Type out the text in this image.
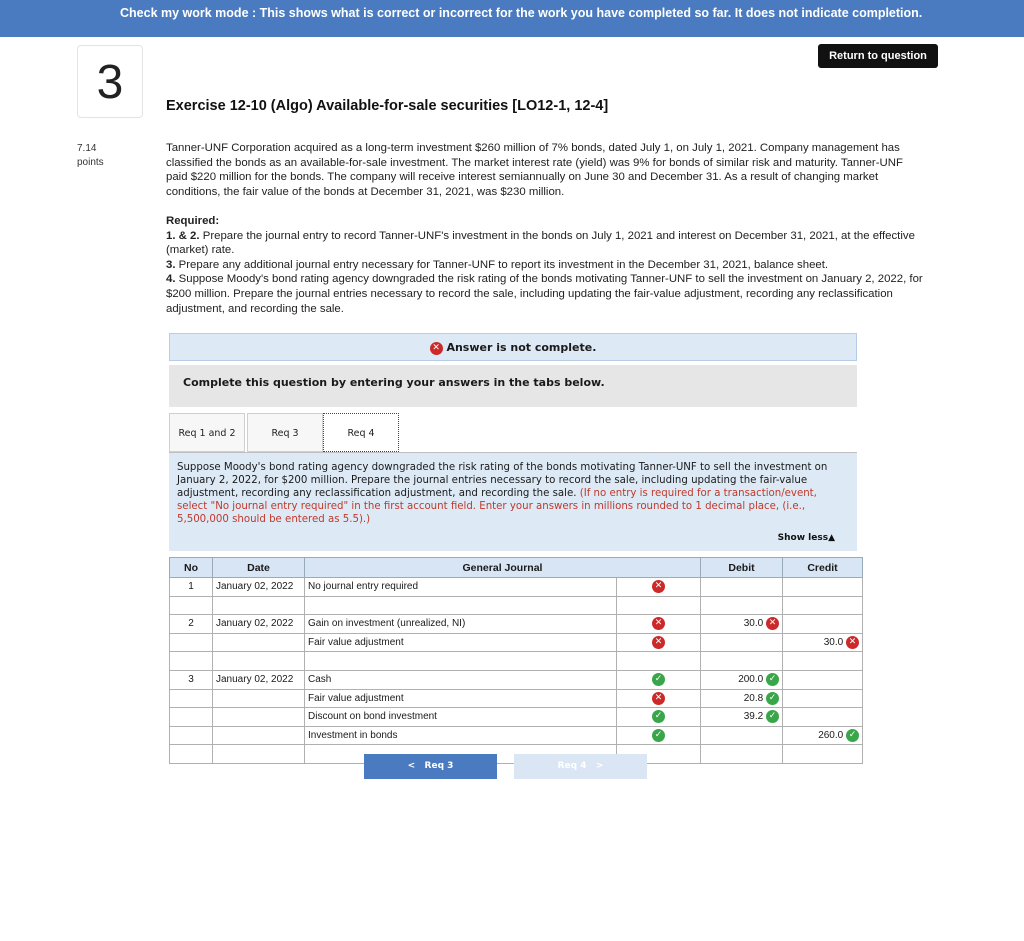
Check my work mode : This shows what is correct or incorrect for the work you have completed so far. It does not indicate completion.
3
7.14
points
Return to question
Exercise 12-10 (Algo) Available-for-sale securities [LO12-1, 12-4]
Tanner-UNF Corporation acquired as a long-term investment $260 million of 7% bonds, dated July 1, on July 1, 2021. Company management has classified the bonds as an available-for-sale investment. The market interest rate (yield) was 9% for bonds of similar risk and maturity. Tanner-UNF paid $220 million for the bonds. The company will receive interest semiannually on June 30 and December 31. As a result of changing market conditions, the fair value of the bonds at December 31, 2021, was $230 million.
Required:
1. & 2. Prepare the journal entry to record Tanner-UNF's investment in the bonds on July 1, 2021 and interest on December 31, 2021, at the effective (market) rate.
3. Prepare any additional journal entry necessary for Tanner-UNF to report its investment in the December 31, 2021, balance sheet.
4. Suppose Moody's bond rating agency downgraded the risk rating of the bonds motivating Tanner-UNF to sell the investment on January 2, 2022, for $200 million. Prepare the journal entries necessary to record the sale, including updating the fair-value adjustment, recording any reclassification adjustment, and recording the sale.
✕ Answer is not complete.
Complete this question by entering your answers in the tabs below.
Req 1 and 2	Req 3	Req 4
Suppose Moody's bond rating agency downgraded the risk rating of the bonds motivating Tanner-UNF to sell the investment on January 2, 2022, for $200 million. Prepare the journal entries necessary to record the sale, including updating the fair-value adjustment, recording any reclassification adjustment, and recording the sale. (If no entry is required for a transaction/event, select "No journal entry required" in the first account field. Enter your answers in millions rounded to 1 decimal place, (i.e., 5,500,000 should be entered as 5.5).)
Show less▲
No	Date	General Journal		Debit	Credit
1	January 02, 2022	No journal entry required	✕		

2	January 02, 2022	Gain on investment (unrealized, NI)	✕	30.0 ✕	
		Fair value adjustment	✕		30.0 ✕

3	January 02, 2022	Cash	✓	200.0 ✓	
		Fair value adjustment	✕	20.8 ✓	
		Discount on bond investment	✓	39.2 ✓	
		Investment in bonds	✓		260.0 ✓

<   Req 3	Req 4   >
